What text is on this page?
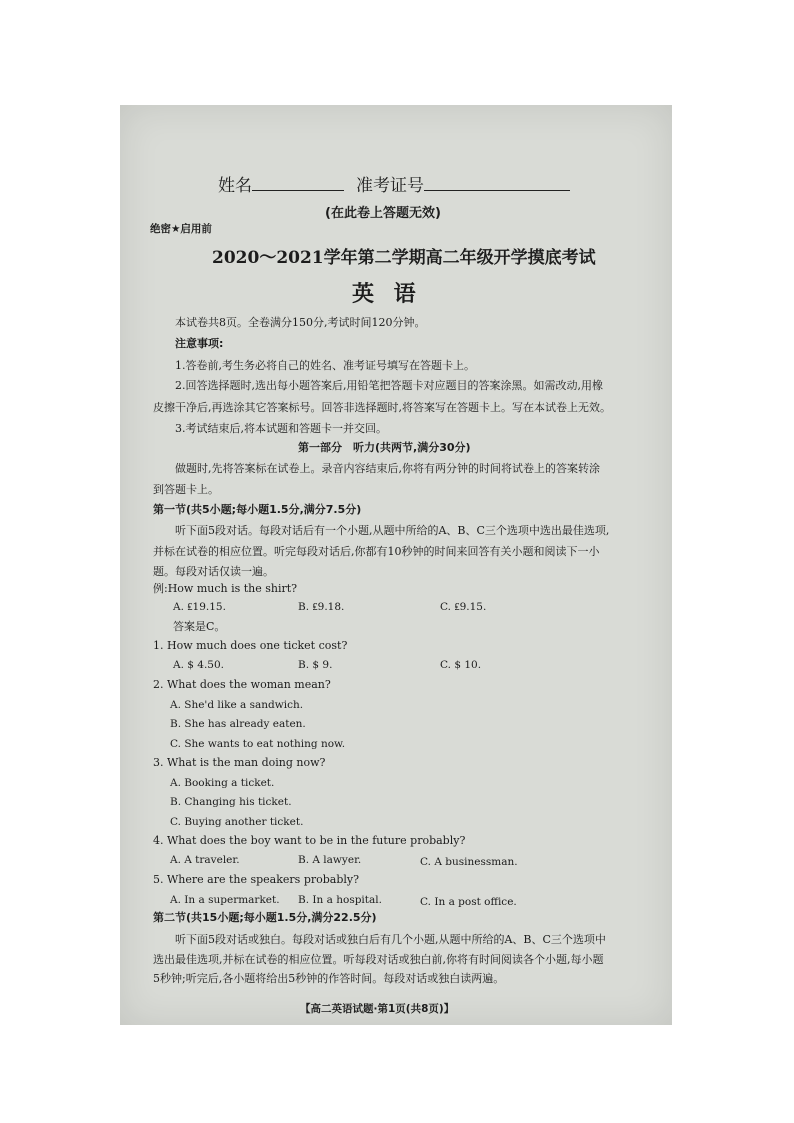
姓名	准考证号
(在此卷上答题无效)
绝密★启用前
2020～2021学年第二学期高二年级开学摸底考试
英 语
本试卷共8页。全卷满分150分,考试时间120分钟。
注意事项:
1.答卷前,考生务必将自己的姓名、准考证号填写在答题卡上。
2.回答选择题时,选出每小题答案后,用铅笔把答题卡对应题目的答案涂黑。如需改动,用橡
皮擦干净后,再选涂其它答案标号。回答非选择题时,将答案写在答题卡上。写在本试卷上无效。
3.考试结束后,将本试题和答题卡一并交回。
第一部分　听力(共两节,满分30分)
做题时,先将答案标在试卷上。录音内容结束后,你将有两分钟的时间将试卷上的答案转涂
到答题卡上。
第一节(共5小题;每小题1.5分,满分7.5分)
听下面5段对话。每段对话后有一个小题,从题中所给的A、B、C三个选项中选出最佳选项,
并标在试卷的相应位置。听完每段对话后,你都有10秒钟的时间来回答有关小题和阅读下一小
题。每段对话仅读一遍。
例:How much is the shirt?
A. ₤19.15.	B. ₤9.18.	C. ₤9.15.
答案是C。
1. How much does one ticket cost?
A. $ 4.50.	B. $ 9.	C. $ 10.
2. What does the woman mean?
A. She'd like a sandwich.
B. She has already eaten.
C. She wants to eat nothing now.
3. What is the man doing now?
A. Booking a ticket.
B. Changing his ticket.
C. Buying another ticket.
4. What does the boy want to be in the future probably?
A. A traveler.	B. A lawyer.	C. A businessman.
5. Where are the speakers probably?
A. In a supermarket. B. In a hospital.	C. In a post office.
第二节(共15小题;每小题1.5分,满分22.5分)
听下面5段对话或独白。每段对话或独白后有几个小题,从题中所给的A、B、C三个选项中
选出最佳选项,并标在试卷的相应位置。听每段对话或独白前,你将有时间阅读各个小题,每小题
5秒钟;听完后,各小题将给出5秒钟的作答时间。每段对话或独白读两遍。
【高二英语试题·第1页(共8页)】
